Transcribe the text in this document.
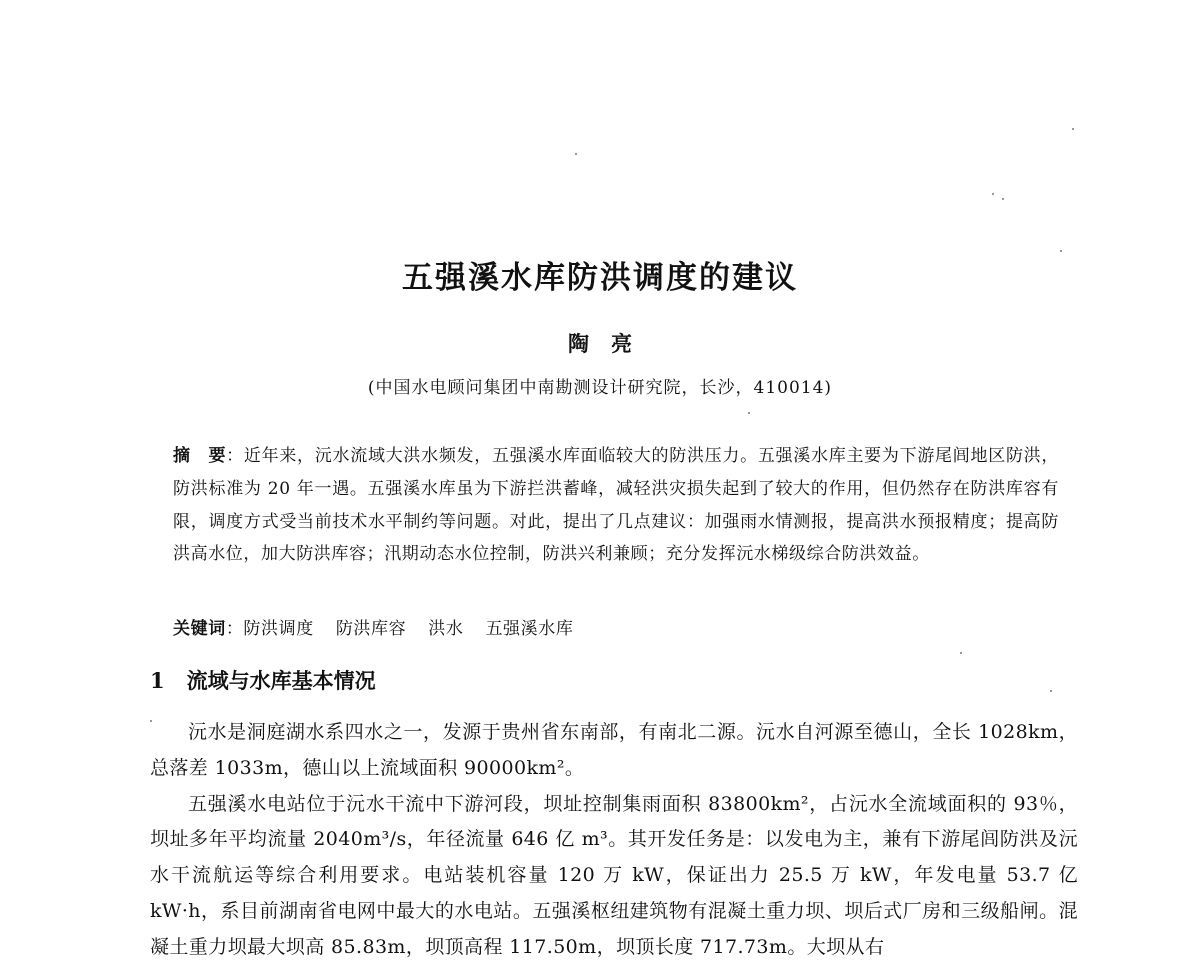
五强溪水库防洪调度的建议
陶亮
(中国水电顾问集团中南勘测设计研究院，长沙，410014)
摘　要：近年来，沅水流域大洪水频发，五强溪水库面临较大的防洪压力。五强溪水库主要为下游尾闾地区防洪，防洪标准为 20 年一遇。五强溪水库虽为下游拦洪蓄峰，减轻洪灾损失起到了较大的作用，但仍然存在防洪库容有限，调度方式受当前技术水平制约等问题。对此，提出了几点建议：加强雨水情测报，提高洪水预报精度；提高防洪高水位，加大防洪库容；汛期动态水位控制，防洪兴利兼顾；充分发挥沅水梯级综合防洪效益。
关键词：防洪调度 防洪库容 洪水 五强溪水库
1 流域与水库基本情况

沅水是洞庭湖水系四水之一，发源于贵州省东南部，有南北二源。沅水自河源至德山，全长 1028km，总落差 1033m，德山以上流域面积 90000km²。

五强溪水电站位于沅水干流中下游河段，坝址控制集雨面积 83800km²，占沅水全流域面积的 93％，坝址多年平均流量 2040m³/s，年径流量 646 亿 m³。其开发任务是：以发电为主，兼有下游尾闾防洪及沅水干流航运等综合利用要求。电站装机容量 120 万 kW，保证出力 25.5 万 kW，年发电量 53.7 亿 kW·h，系目前湖南省电网中最大的水电站。五强溪枢纽建筑物有混凝土重力坝、坝后式厂房和三级船闸。混凝土重力坝最大坝高 85.83m，坝顶高程 117.50m，坝顶长度 717.73m。大坝从右
